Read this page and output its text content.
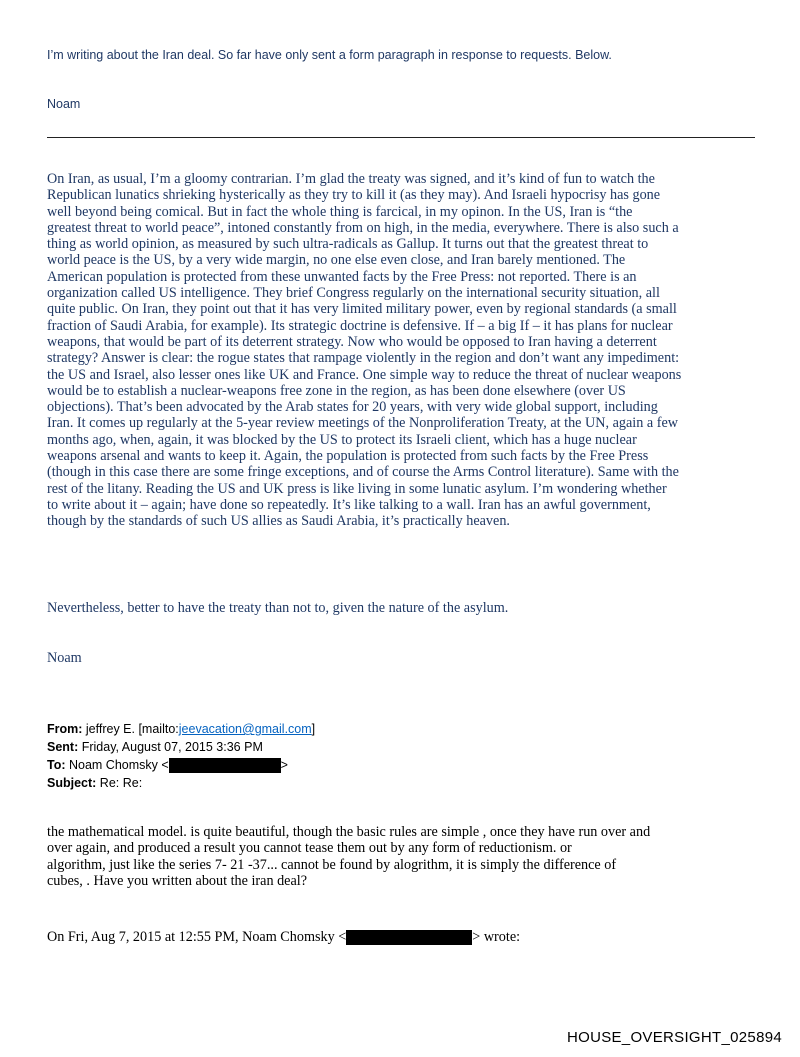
I’m writing about the Iran deal. So far have only sent a form paragraph in response to requests. Below.
Noam
On Iran, as usual, I’m a gloomy contrarian. I’m glad the treaty was signed, and it’s kind of fun to watch the
Republican lunatics shrieking hysterically as they try to kill it (as they may). And Israeli hypocrisy has gone
well beyond being comical. But in fact the whole thing is farcical, in my opinon. In the US, Iran is “the
greatest threat to world peace”, intoned constantly from on high, in the media, everywhere. There is also such a
thing as world opinion, as measured by such ultra-radicals as Gallup. It turns out that the greatest threat to
world peace is the US, by a very wide margin, no one else even close, and Iran barely mentioned. The
American population is protected from these unwanted facts by the Free Press: not reported. There is an
organization called US intelligence. They brief Congress regularly on the international security situation, all
quite public. On Iran, they point out that it has very limited military power, even by regional standards (a small
fraction of Saudi Arabia, for example). Its strategic doctrine is defensive. If – a big If – it has plans for nuclear
weapons, that would be part of its deterrent strategy. Now who would be opposed to Iran having a deterrent
strategy? Answer is clear: the rogue states that rampage violently in the region and don’t want any impediment:
the US and Israel, also lesser ones like UK and France. One simple way to reduce the threat of nuclear weapons
would be to establish a nuclear-weapons free zone in the region, as has been done elsewhere (over US
objections). That’s been advocated by the Arab states for 20 years, with very wide global support, including
Iran. It comes up regularly at the 5-year review meetings of the Nonproliferation Treaty, at the UN, again a few
months ago, when, again, it was blocked by the US to protect its Israeli client, which has a huge nuclear
weapons arsenal and wants to keep it. Again, the population is protected from such facts by the Free Press
(though in this case there are some fringe exceptions, and of course the Arms Control literature). Same with the
rest of the litany. Reading the US and UK press is like living in some lunatic asylum. I’m wondering whether
to write about it – again; have done so repeatedly. It’s like talking to a wall. Iran has an awful government,
though by the standards of such US allies as Saudi Arabia, it’s practically heaven.
Nevertheless, better to have the treaty than not to, given the nature of the asylum.
Noam
From: jeffrey E. [mailto:jeevacation@gmail.com]
Sent: Friday, August 07, 2015 3:36 PM
To: Noam Chomsky <	>
Subject: Re: Re:
the mathematical model. is quite beautiful, though the basic rules are simple , once they have run over and
over again, and produced a result you cannot tease them out by any form of reductionism. or
algorithm, just like the series 7- 21 -37... cannot be found by alogrithm, it is simply the difference of
cubes, . Have you written about the iran deal?
On Fri, Aug 7, 2015 at 12:55 PM, Noam Chomsky <	> wrote:
HOUSE_OVERSIGHT_025894
